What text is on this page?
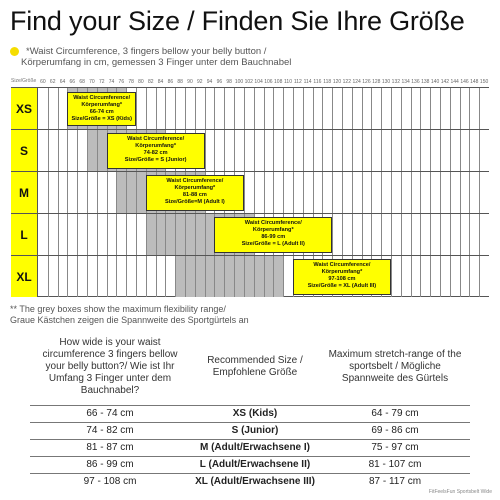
Find your Size / Finden Sie Ihre Größe
*Waist Circumference, 3 fingers bellow your belly button /
Körperumfang in cm, gemessen 3 Finger unter dem Bauchnabel
Size/Größe 60 62 64 66 68 70 72 74 76 78 80 82 84 86 88 90 92 94 96 98 100 102 104 106 108 110 112 114 116 118 120 122 124 126 128 130 132 134 136 138 140 142 144 146 148 150
XS
Waist Circumference/
Körperumfang*
66-74 cm
Size/Größe = XS (Kids)
S
Waist Circumference/
Körperumfang*
74-82 cm
Size/Größe = S (Junior)
M
Waist Circumference/
Körperumfang*
81-88 cm
Size/Größe=M (Adult I)
L
Waist Circumference/
Körperumfang*
86-99 cm
Size/Größe = L (Adult II)
XL
Waist Circumference/
Körperumfang*
97-108 cm
Size/Größe = XL (Adult III)
** The grey boxes show the maximum flexibility range/
Graue Kästchen zeigen die Spannweite des Sportgürtels an
How wide is your waist circumference 3 fingers bellow your belly button?/ Wie ist Ihr Umfang 3 Finger unter dem Bauchnabel?	Recommended Size / Empfohlene Größe	Maximum stretch-range of the sportsbelt / Mögliche Spannweite des Gürtels
66 - 74 cm	XS (Kids)	64 - 79 cm
74 - 82 cm	S (Junior)	69 - 86 cm
81 - 87 cm	M (Adult/Erwachsene I)	75 - 97 cm
86 - 99 cm	L (Adult/Erwachsene II)	81 - 107 cm
97 - 108 cm	XL (Adult/Erwachsene III)	87 - 117 cm
FitFeelsFun Sportsbelt Wide
